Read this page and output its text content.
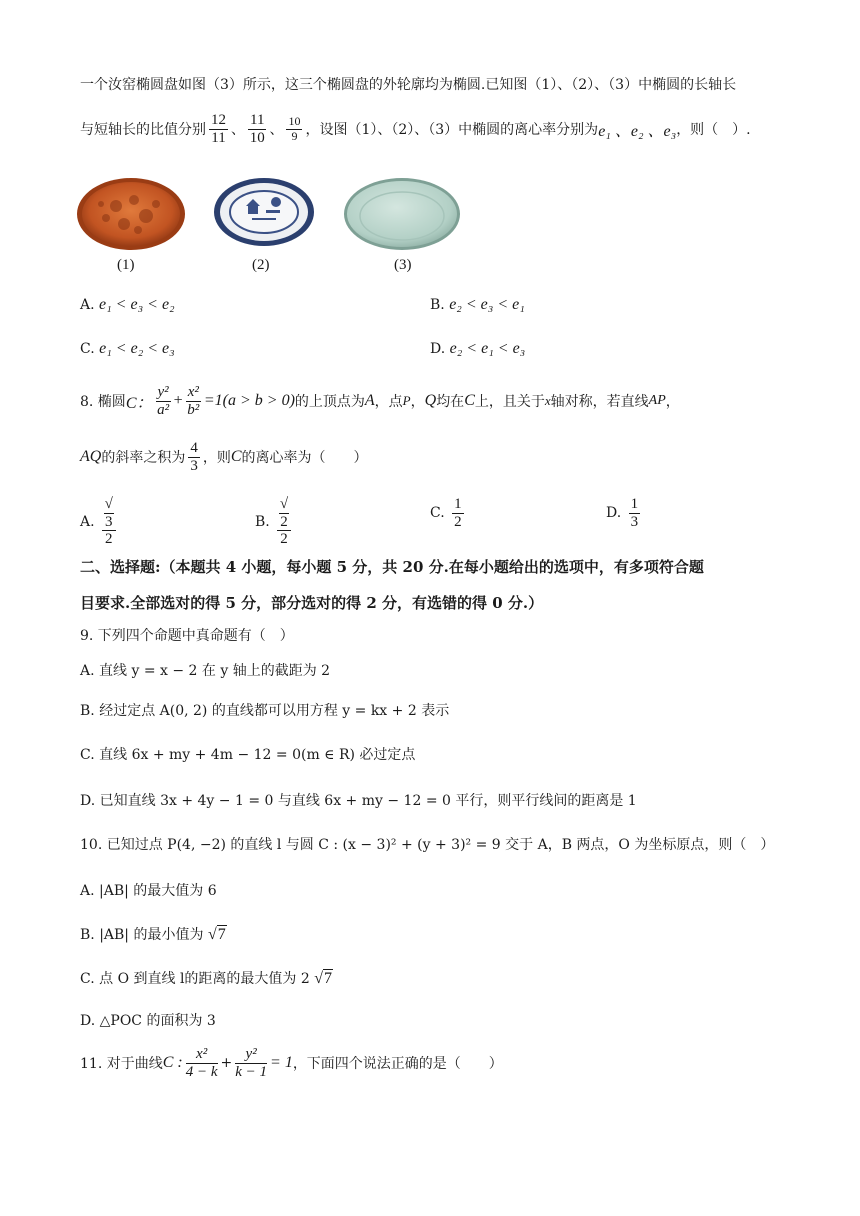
一个汝窑椭圆盘如图（3）所示，这三个椭圆盘的外轮廓均为椭圆.已知图（1）、（2）、（3）中椭圆的长轴长
与短轴长的比值分别 $\frac{12}{11}$ 、 $\frac{11}{10}$ 、 $\frac{10}{9}$ ，设图（1）、（2）、（3）中椭圆的离心率分别为 e₁ 、e₂ 、e₃ ，则（　）.
(1)	(2)	(3)
A. e₁ < e₃ < e₂	B. e₂ < e₃ < e₁
C. e₁ < e₂ < e₃	D. e₂ < e₁ < e₃
8. 椭圆 C： $\frac{\text{y²}}{\text{a²}} + \frac{\text{x²}}{\text{b²}} =1(a > b > 0)$ 的上顶点为 A ，点 P ， Q 均在 C 上，且关于 x 轴对称，若直线 AP ，
AQ 的斜率之积为 $\frac{4}{3}$ ，则 C 的离心率为（　　）
A.
√
3
2	B.
√
2
2	C.
$\frac{1}{2}$	D.
$\frac{1}{3}$
二、选择题:（本题共 4 小题，每小题 5 分，共 20 分.在每小题给出的选项中，有多项符合题
目要求.全部选对的得 5 分，部分选对的得 2 分，有选错的得 0 分.）
9. 下列四个命题中真命题有（　）
A. 直线 y = x − 2 在 y 轴上的截距为 2
B. 经过定点 A(0, 2) 的直线都可以用方程 y = kx + 2 表示
C. 直线 6x + my + 4m − 12 = 0(m ∈ R) 必过定点
D. 已知直线 3x + 4y − 1 = 0 与直线 6x + my − 12 = 0 平行，则平行线间的距离是 1
10. 已知过点 P(4, −2) 的直线 l 与圆 C : (x − 3)² + (y + 3)² = 9 交于 A，B 两点，O 为坐标原点，则（　）
A. |AB| 的最大值为 6
B. |AB| 的最小值为 √7
C. 点 O 到直线 l的距离的最大值为 2 √7
D. △POC 的面积为 3
11. 对于曲线 C : $\frac{\text{x²}}{4 - k} + \frac{\text{y²}}{k - 1} = 1$ ，下面四个说法正确的是（　　）
